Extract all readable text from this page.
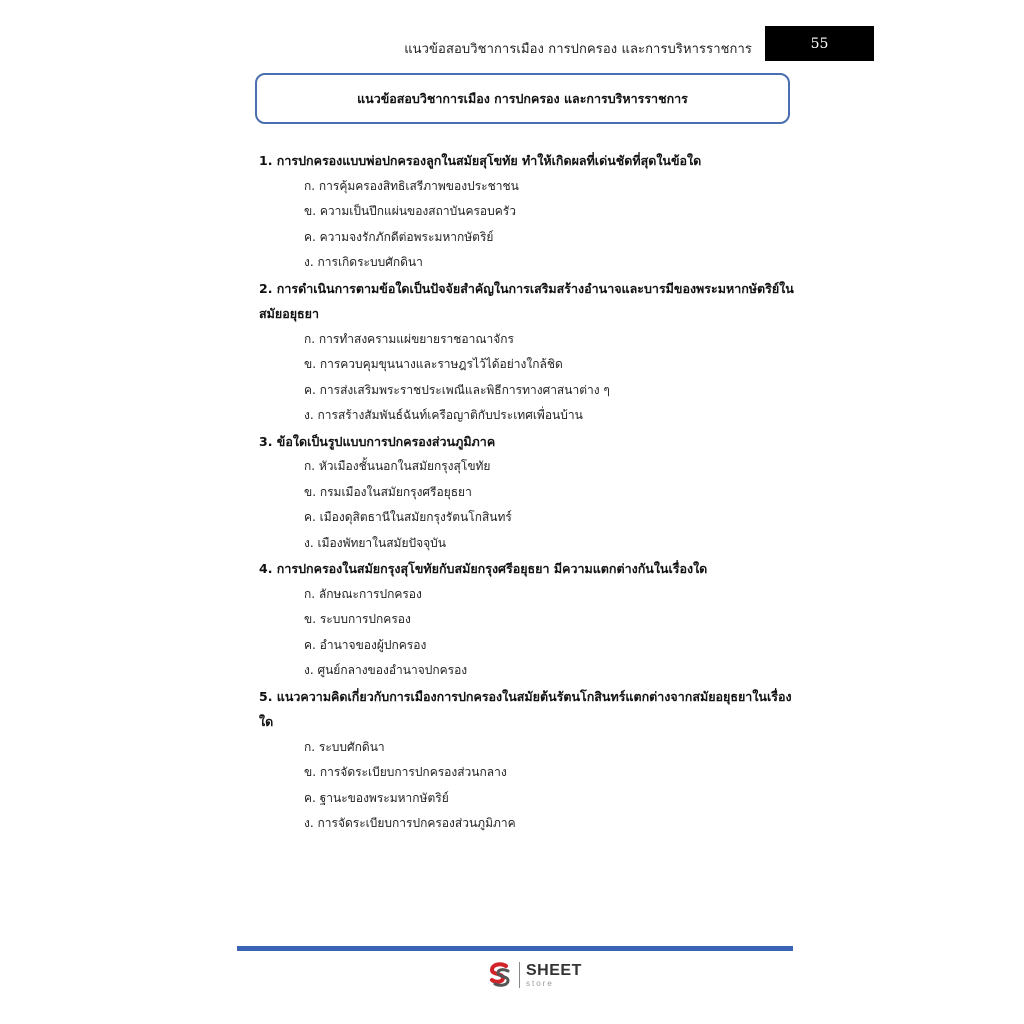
แนวข้อสอบวิชาการเมือง การปกครอง และการบริหารราชการ	55
แนวข้อสอบวิชาการเมือง การปกครอง และการบริหารราชการ

1. การปกครองแบบพ่อปกครองลูกในสมัยสุโขทัย ทำให้เกิดผลที่เด่นชัดที่สุดในข้อใด

ก. การคุ้มครองสิทธิเสรีภาพของประชาชน
ข. ความเป็นปึกแผ่นของสถาบันครอบครัว
ค. ความจงรักภักดีต่อพระมหากษัตริย์
ง. การเกิดระบบศักดินา

2. การดำเนินการตามข้อใดเป็นปัจจัยสำคัญในการเสริมสร้างอำนาจและบารมีของพระมหากษัตริย์ในสมัยอยุธยา

ก. การทำสงครามแผ่ขยายราชอาณาจักร
ข. การควบคุมขุนนางและราษฎรไว้ได้อย่างใกล้ชิด
ค. การส่งเสริมพระราชประเพณีและพิธีการทางศาสนาต่าง ๆ
ง. การสร้างสัมพันธ์ฉันท์เครือญาติกับประเทศเพื่อนบ้าน

3. ข้อใดเป็นรูปแบบการปกครองส่วนภูมิภาค

ก. หัวเมืองชั้นนอกในสมัยกรุงสุโขทัย
ข. กรมเมืองในสมัยกรุงศรีอยุธยา
ค. เมืองดุสิตธานีในสมัยกรุงรัตนโกสินทร์
ง. เมืองพัทยาในสมัยปัจจุบัน

4. การปกครองในสมัยกรุงสุโขทัยกับสมัยกรุงศรีอยุธยา มีความแตกต่างกันในเรื่องใด

ก. ลักษณะการปกครอง
ข. ระบบการปกครอง
ค. อำนาจของผู้ปกครอง
ง. ศูนย์กลางของอำนาจปกครอง

5. แนวความคิดเกี่ยวกับการเมืองการปกครองในสมัยต้นรัตนโกสินทร์แตกต่างจากสมัยอยุธยาในเรื่องใด

ก. ระบบศักดินา
ข. การจัดระเบียบการปกครองส่วนกลาง
ค. ฐานะของพระมหากษัตริย์
ง. การจัดระเบียบการปกครองส่วนภูมิภาค
SHEET
store
